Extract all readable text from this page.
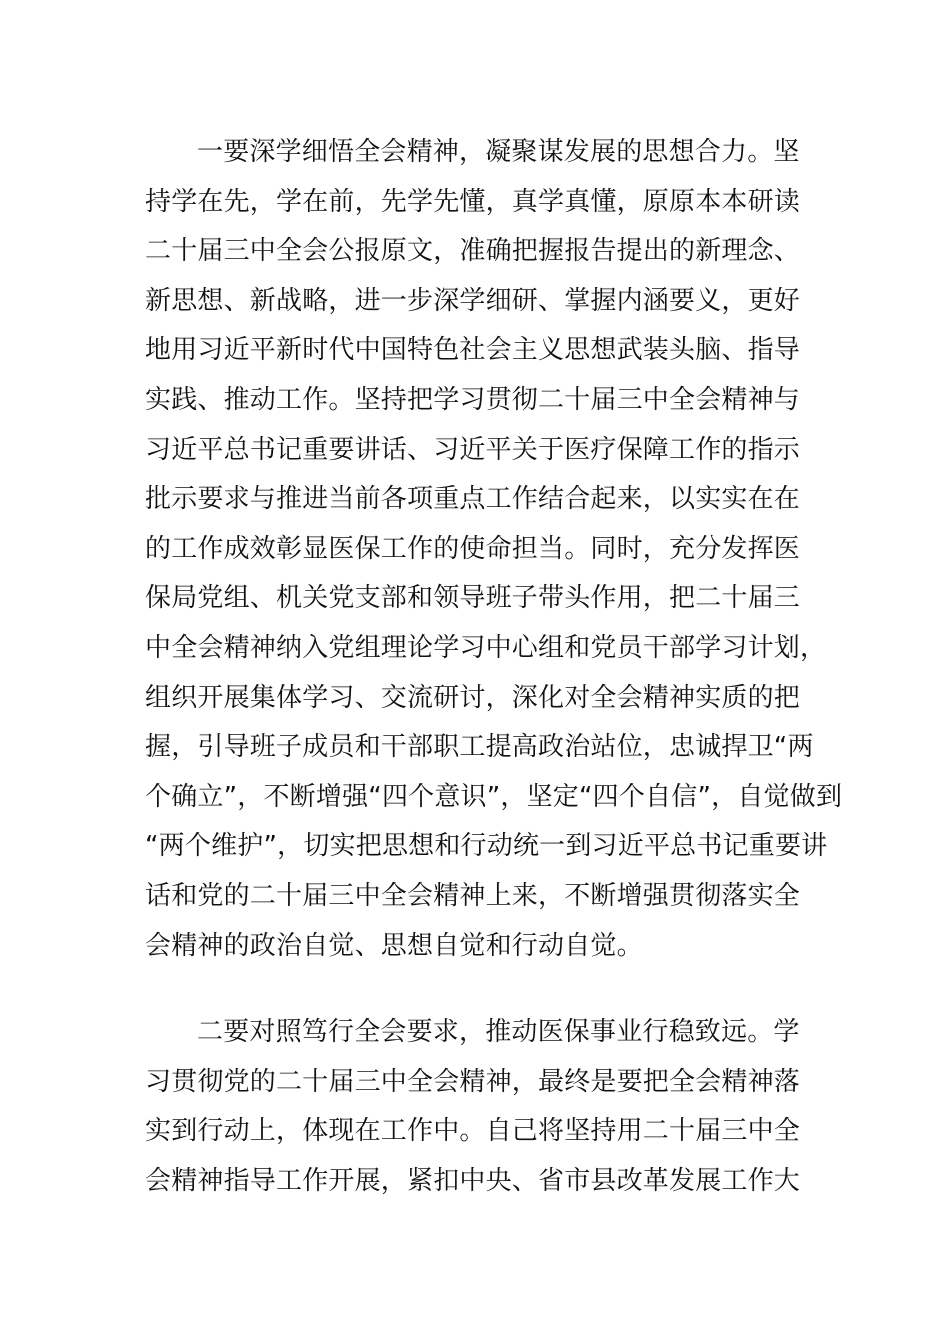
一要深学细悟全会精神，凝聚谋发展的思想合力。坚
持学在先，学在前，先学先懂，真学真懂，原原本本研读
二十届三中全会公报原文，准确把握报告提出的新理念、
新思想、新战略，进一步深学细研、掌握内涵要义，更好
地用习近平新时代中国特色社会主义思想武装头脑、指导
实践、推动工作。坚持把学习贯彻二十届三中全会精神与
习近平总书记重要讲话、习近平关于医疗保障工作的指示
批示要求与推进当前各项重点工作结合起来，以实实在在
的工作成效彰显医保工作的使命担当。同时，充分发挥医
保局党组、机关党支部和领导班子带头作用，把二十届三
中全会精神纳入党组理论学习中心组和党员干部学习计划，
组织开展集体学习、交流研讨，深化对全会精神实质的把
握，引导班子成员和干部职工提高政治站位，忠诚捍卫“两
个确立”，不断增强“四个意识”，坚定“四个自信”，自觉做到
“两个维护”，切实把思想和行动统一到习近平总书记重要讲
话和党的二十届三中全会精神上来，不断增强贯彻落实全
会精神的政治自觉、思想自觉和行动自觉。
二要对照笃行全会要求，推动医保事业行稳致远。学
习贯彻党的二十届三中全会精神，最终是要把全会精神落
实到行动上，体现在工作中。自己将坚持用二十届三中全
会精神指导工作开展，紧扣中央、省市县改革发展工作大
